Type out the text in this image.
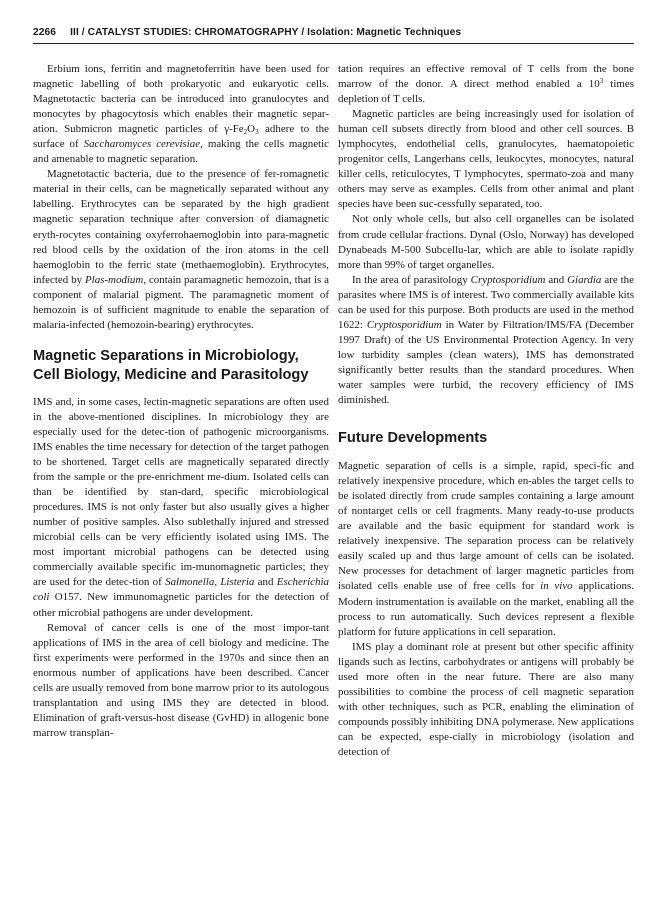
2266 III / CATALYST STUDIES: CHROMATOGRAPHY / Isolation: Magnetic Techniques

Erbium ions, ferritin and magnetoferritin have been used for magnetic labelling of both prokaryotic and eukaryotic cells. Magnetotactic bacteria can be introduced into granulocytes and monocytes by phagocytosis which enables their magnetic separ-ation. Submicron magnetic particles of $\gamma-Fe_2O_3$ adhere to the surface of Saccharomyces cerevisiae, making the cells magnetic and amenable to magnetic separation.

Magnetotactic bacteria, due to the presence of fer-romagnetic material in their cells, can be magnetically separated without any labelling. Erythrocytes can be separated by the high gradient magnetic separation technique after conversion of diamagnetic eryth-rocytes containing oxyferrohaemoglobin into para-magnetic red blood cells by the oxidation of the iron atoms in the cell haemoglobin to the ferric state (methaemoglobin). Erythrocytes, infected by Plas-modium, contain paramagnetic hemozoin, that is a component of malarial pigment. The paramagnetic moment of hemozoin is of sufficient magnitude to enable the separation of malaria-infected (hemozoin-bearing) erythrocytes.

Magnetic Separations in Microbiology, Cell Biology, Medicine and Parasitology

IMS and, in some cases, lectin-magnetic separations are often used in the above-mentioned disciplines. In microbiology they are especially used for the detec-tion of pathogenic microorganisms. IMS enables the time necessary for detection of the target pathogen to be shortened. Target cells are magnetically separated directly from the sample or the pre-enrichment me-dium. Isolated cells can than be identified by stan-dard, specific microbiological procedures. IMS is not only faster but also usually gives a higher number of positive samples. Also sublethally injured and stressed microbial cells can be very efficiently isolated using IMS. The most important microbial pathogens can be detected using commercially available specific im-munomagnetic particles; they are used for the detec-tion of Salmonella, Listeria and Escherichia coli O157. New immunomagnetic particles for the detection of other microbial pathogens are under development.

Removal of cancer cells is one of the most impor-tant applications of IMS in the area of cell biology and medicine. The first experiments were performed in the 1970s and since then an enormous number of applications have been described. Cancer cells are usually removed from bone marrow prior to its autologous transplantation and using IMS they are detected in blood. Elimination of graft-versus-host disease (GvHD) in allogenic bone marrow transplan-

tation requires an effective removal of T cells from the bone marrow of the donor. A direct method enabled a $10^3$ times depletion of T cells.

Magnetic particles are being increasingly used for isolation of human cell subsets directly from blood and other cell sources. B lymphocytes, endothelial cells, granulocytes, haematopoietic progenitor cells, Langerhans cells, leukocytes, monocytes, natural killer cells, reticulocytes, T lymphocytes, spermato-zoa and many others may serve as examples. Cells from other animal and plant species have been suc-cessfully separated, too.

Not only whole cells, but also cell organelles can be isolated from crude cellular fractions. Dynal (Oslo, Norway) has developed Dynabeads M-500 Subcellu-lar, which are able to isolate rapidly more than 99% of target organelles.

In the area of parasitology Cryptosporidium and Giardia are the parasites where IMS is of interest. Two commercially available kits can be used for this purpose. Both products are used in the method 1622: Cryptosporidium in Water by Filtration/IMS/FA (December 1997 Draft) of the US Environmental Protection Agency. In very low turbidity samples (clean waters), IMS has demonstrated significantly better results than the standard procedures. When water samples were turbid, the recovery efficiency of IMS diminished.

Future Developments

Magnetic separation of cells is a simple, rapid, speci-fic and relatively inexpensive procedure, which en-ables the target cells to be isolated directly from crude samples containing a large amount of nontarget cells or cell fragments. Many ready-to-use products are available and the basic equipment for standard work is relatively inexpensive. The separation process can be relatively easily scaled up and thus large amount of cells can be isolated. New processes for detachment of larger magnetic particles from isolated cells enable use of free cells for in vivo applications. Modern instrumentation is available on the market, enabling all the process to run automatically. Such devices represent a flexible platform for future applications in cell separation.

IMS play a dominant role at present but other specific affinity ligands such as lectins, carbohydrates or antigens will probably be used more often in the near future. There are also many possibilities to combine the process of cell magnetic separation with other techniques, such as PCR, enabling the elimination of compounds possibly inhibiting DNA polymerase. New applications can be expected, espe-cially in microbiology (isolation and detection of
